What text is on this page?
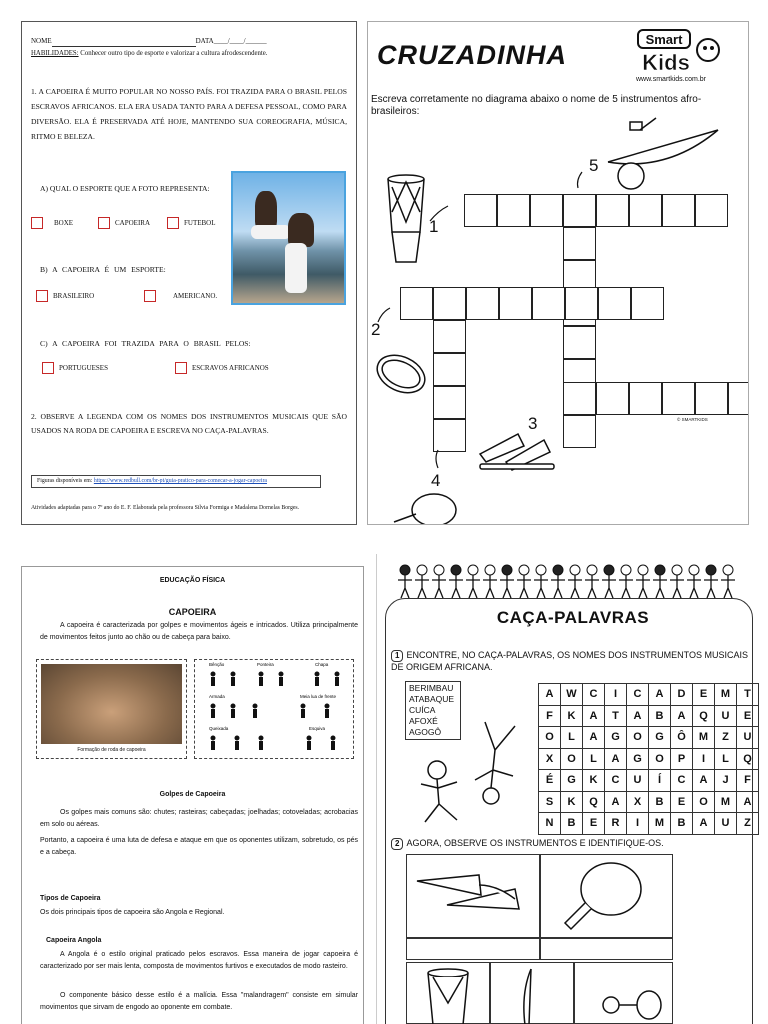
NOME	DATA ____/____/______
HABILIDADES: Conhecer outro tipo de esporte e valorizar a cultura afrodescendente.
1. A CAPOEIRA É MUITO POPULAR NO NOSSO PAÍS. FOI TRAZIDA PARA O BRASIL PELOS ESCRAVOS AFRICANOS. ELA ERA USADA TANTO PARA A DEFESA PESSOAL, COMO PARA DIVERSÃO. ELA É PRESERVADA ATÉ HOJE, MANTENDO SUA COREOGRAFIA, MÚSICA, RITMO E BELEZA.
A) QUAL O ESPORTE QUE A FOTO REPRESENTA:
BOXE	CAPOEIRA	FUTEBOL
B) A CAPOEIRA É UM ESPORTE:
BRASILEIRO	AMERICANO.
C) A CAPOEIRA FOI TRAZIDA PARA O BRASIL PELOS:
PORTUGUESES	ESCRAVOS AFRICANOS
2. OBSERVE A LEGENDA COM OS NOMES DOS INSTRUMENTOS MUSICAIS QUE SÃO USADOS NA RODA DE CAPOEIRA E ESCREVA NO CAÇA-PALAVRAS.
Figuras disponíveis em: https://www.redbull.com/br-pt/guia-pratico-para-comecar-a-jogar-capoeira
Atividades adaptadas para o 7º ano do E. F. Elaborada pela professora Silvia Formiga e Madalena Dornelas Borges.
CRUZADINHA
Smart
Kids
www.smartkids.com.br
Escreva corretamente no diagrama abaixo o nome de 5 instrumentos afro-brasileiros:
1
2
3
4
5
© SMARTKIDS
EDUCAÇÃO FÍSICA
CAPOEIRA
A capoeira é caracterizada por golpes e movimentos ágeis e intricados. Utiliza principalmente de movimentos feitos junto ao chão ou de cabeça para baixo.
Formação de roda de capoeira
Bênção	Ponteira	Chapa
Armada	Meia lua de frente
Queixada	Esquiva
Golpes de Capoeira
Os golpes mais comuns são: chutes; rasteiras; cabeçadas; joelhadas; cotoveladas; acrobacias em solo ou aéreas.
Portanto, a capoeira é uma luta de defesa e ataque em que os oponentes utilizam, sobretudo, os pés e a cabeça.
Tipos de Capoeira
Os dois principais tipos de capoeira são Angola e Regional.
Capoeira Angola
A Angola é o estilo original praticado pelos escravos. Essa maneira de jogar capoeira é caracterizado por ser mais lenta, composta de movimentos furtivos e executados de modo rasteiro.
O componente básico desse estilo é a malícia. Essa "malandragem" consiste em simular movimentos que sirvam de engodo ao oponente em combate.
CAÇA-PALAVRAS
1 ENCONTRE, NO CAÇA-PALAVRAS, OS NOMES DOS INSTRUMENTOS MUSICAIS DE ORIGEM AFRICANA.
BERIMBAU
ATABAQUE
CUÍCA
AFOXÉ
AGOGÔ
A	W	C	I	C	A	D	E	M	T
F	K	A	T	A	B	A	Q	U	E
O	L	A	G	O	G	Ô	M	Z	U
X	O	L	A	G	O	P	I	L	Q
É	G	K	C	U	Í	C	A	J	F
S	K	Q	A	X	B	E	O	M	A
N	B	E	R	I	M	B	A	U	Z
2 AGORA, OBSERVE OS INSTRUMENTOS E IDENTIFIQUE-OS.
